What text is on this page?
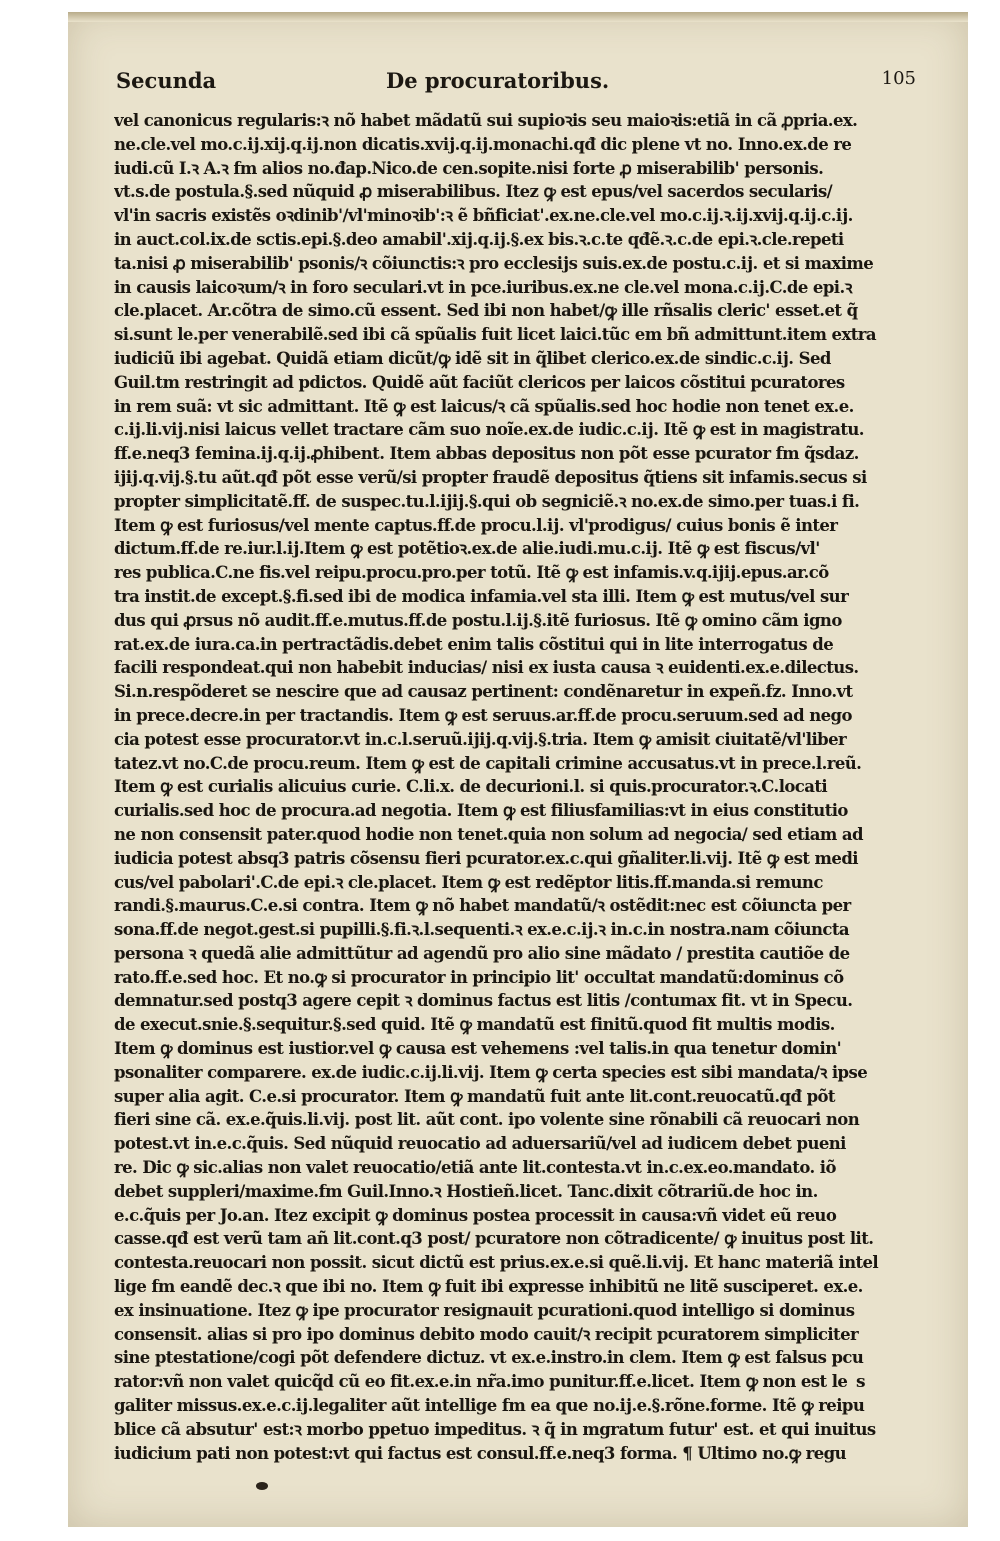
Secunda	De procuratoribus.	105
vel canonicus regularis:ꝛ nõ habet mãdatũ sui supioꝛis seu maioꝛis:etiã in cã ꝓpria.ex.
ne.cle.vel mo.c.ĳ.xĳ.q.ĳ.non dicatis.xvĳ.q.ĳ.monachi.qđ dic plene vt no. Inno.ex.de re
iudi.cũ I.ꝛ A.ꝛ fm alios no.đap.Nico.de cen.sopite.nisi forte ꝓ miserabilib' personis.
vt.s.de postula.§.sed nũquid ꝓ miserabilibus. Itez ꝙ est epus/vel sacerdos secularis/
vl'in sacris existẽs oꝛdinib'/vl'minoꝛib':ꝛ ẽ bñficiat'.ex.ne.cle.vel mo.c.ĳ.ꝛ.ĳ.xvĳ.q.ĳ.c.ĳ.
in auct.col.ix.de sctis.epi.§.deo amabil'.xĳ.q.ĳ.§.ex bis.ꝛ.c.te qđẽ.ꝛ.c.de epi.ꝛ.cle.repeti
ta.nisi ꝓ miserabilib' psonis/ꝛ cõiunctis:ꝛ pro ecclesĳs suis.ex.de postu.c.ĳ. et si maxime
in causis laicoꝛum/ꝛ in foro seculari.vt in pce.iuribus.ex.ne cle.vel mona.c.ĳ.C.de epi.ꝛ
cle.placet. Ar.cõtra de simo.cũ essent. Sed ibi non habet/ꝙ ille rñsalis cleric' esset.et q̃
si.sunt le.per venerabilẽ.sed ibi cã spũalis fuit licet laici.tũc em bñ admittunt.item extra
iudiciũ ibi agebat. Quidã etiam dicũt/ꝙ idẽ sit in q̃libet clerico.ex.de sindic.c.ĳ. Sed
Guil.tm restringit ad pdictos. Quidẽ aũt faciũt clericos per laicos cõstitui pcuratores
in rem suã: vt sic admittant. Itẽ ꝙ est laicus/ꝛ cã spũalis.sed hoc hodie non tenet ex.e.
c.ĳ.li.vĳ.nisi laicus vellet tractare cãm suo noĩe.ex.de iudic.c.ĳ. Itẽ ꝙ est in magistratu.
ff.e.neq3 femina.ĳ.q.ĳ.ꝓhibent. Item abbas depositus non põt esse pcurator fm q̃sdaz.
ĳĳ.q.vĳ.§.tu aũt.qđ põt esse verũ/si propter fraudẽ depositus q̃tiens sit infamis.secus si
propter simplicitatẽ.ff. de suspec.tu.l.ĳĳ.§.qui ob segniciẽ.ꝛ no.ex.de simo.per tuas.i fi.
Item ꝙ est furiosus/vel mente captus.ff.de procu.l.ĳ. vl'prodigus/ cuius bonis ẽ inter
dictum.ff.de re.iur.l.ĳ.Item ꝙ est potẽtioꝛ.ex.de alie.iudi.mu.c.ĳ. Itẽ ꝙ est fiscus/vl'
res publica.C.ne fis.vel reipu.procu.pro.per totũ. Itẽ ꝙ est infamis.v.q.ĳĳ.epus.ar.cõ
tra instit.de except.§.fi.sed ibi de modica infamia.vel sta illi. Item ꝙ est mutus/vel sur
dus qui ꝓrsus nõ audit.ff.e.mutus.ff.de postu.l.ĳ.§.itẽ furiosus. Itẽ ꝙ omino cãm igno
rat.ex.de iura.ca.in pertractãdis.debet enim talis cõstitui qui in lite interrogatus de
facili respondeat.qui non habebit inducias/ nisi ex iusta causa ꝛ euidenti.ex.e.dilectus.
Si.n.respõderet se nescire que ad causaz pertinent: condẽnaretur in expeñ.fz. Inno.vt
in prece.decre.in per tractandis. Item ꝙ est seruus.ar.ff.de procu.seruum.sed ad nego
cia potest esse procurator.vt in.c.l.seruũ.ĳĳ.q.vĳ.§.tria. Item ꝙ amisit ciuitatẽ/vl'liber
tatez.vt no.C.de procu.reum. Item ꝙ est de capitali crimine accusatus.vt in prece.l.reũ.
Item ꝙ est curialis alicuius curie. C.li.x. de decurioni.l. si quis.procurator.ꝛ.C.locati
curialis.sed hoc de procura.ad negotia. Item ꝙ est filiusfamilias:vt in eius constitutio
ne non consensit pater.quod hodie non tenet.quia non solum ad negocia/ sed etiam ad
iudicia potest absq3 patris cõsensu fieri pcurator.ex.c.qui gñaliter.li.vĳ. Itẽ ꝙ est medi
cus/vel pabolari'.C.de epi.ꝛ cle.placet. Item ꝙ est redẽptor litis.ff.manda.si remunc
randi.§.maurus.C.e.si contra. Item ꝙ nõ habet mandatũ/ꝛ ostẽdit:nec est cõiuncta per
sona.ff.de negot.gest.si pupilli.§.fi.ꝛ.l.sequenti.ꝛ ex.e.c.ĳ.ꝛ in.c.in nostra.nam cõiuncta
persona ꝛ quedã alie admittũtur ad agendũ pro alio sine mãdato / prestita cautiõe de
rato.ff.e.sed hoc. Et no.ꝙ si procurator in principio lit' occultat mandatũ:dominus cõ
demnatur.sed postq3 agere cepit ꝛ dominus factus est litis /contumax fit. vt in Specu.
de execut.snie.§.sequitur.§.sed quid. Itẽ ꝙ mandatũ est finitũ.quod fit multis modis.
Item ꝙ dominus est iustior.vel ꝙ causa est vehemens :vel talis.in qua tenetur domin'
psonaliter comparere. ex.de iudic.c.ĳ.li.vĳ. Item ꝙ certa species est sibi mandata/ꝛ ipse
super alia agit. C.e.si procurator. Item ꝙ mandatũ fuit ante lit.cont.reuocatũ.qđ põt
fieri sine cã. ex.e.q̃uis.li.vĳ. post lit. aũt cont. ipo volente sine rõnabili cã reuocari non
potest.vt in.e.c.q̃uis. Sed nũquid reuocatio ad aduersariũ/vel ad iudicem debet pueni
re. Dic ꝙ sic.alias non valet reuocatio/etiã ante lit.contesta.vt in.c.ex.eo.mandato. iõ
debet suppleri/maxime.fm Guil.Inno.ꝛ Hostieñ.licet. Tanc.dixit cõtrariũ.de hoc in.
e.c.q̃uis per Jo.an. Itez excipit ꝙ dominus postea processit in causa:vñ videt eũ reuo
casse.qđ est verũ tam añ lit.cont.q3 post/ pcuratore non cõtradicente/ ꝙ inuitus post lit.
contesta.reuocari non possit. sicut dictũ est prius.ex.e.si quẽ.li.vĳ. Et hanc materiã intel
lige fm eandẽ dec.ꝛ que ibi no. Item ꝙ fuit ibi expresse inhibitũ ne litẽ susciperet. ex.e.
ex insinuatione. Itez ꝙ ipe procurator resignauit pcurationi.quod intelligo si dominus
consensit. alias si pro ipo dominus debito modo cauit/ꝛ recipit pcuratorem simpliciter
sine ptestatione/cogi põt defendere dictuz. vt ex.e.instro.in clem. Item ꝙ est falsus pcu
rator:vñ non valet quicq̃d cũ eo fit.ex.e.in nr̃a.imo punitur.ff.e.licet. Item ꝙ non est le
galiter missus.ex.e.c.ĳ.legaliter aũt intellige fm ea que no.ĳ.e.§.rõne.forme. Itẽ ꝙ reipu
blice cã absutur' est:ꝛ morbo ppetuo impeditus. ꝛ q̃ in mgratum futur' est. et qui inuitus
iudicium pati non potest:vt qui factus est consul.ff.e.neq3 forma. ¶ Ultimo no.ꝙ regu
s
